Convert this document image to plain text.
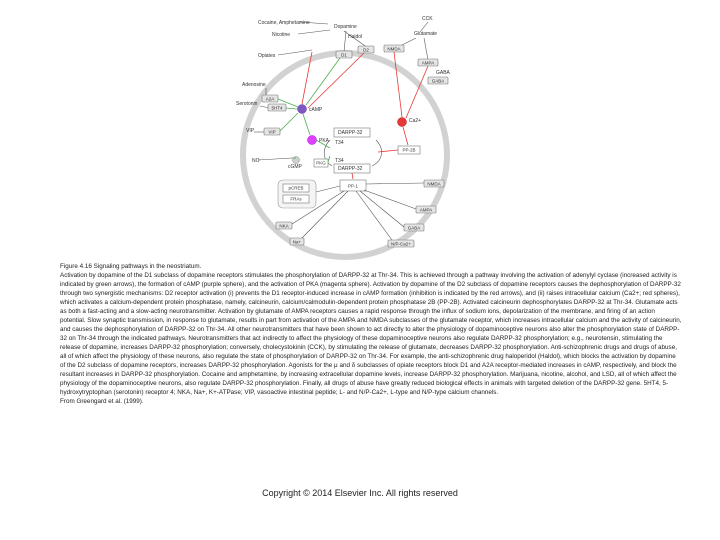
Cocaine, Amphetamine
Nicotine
Dopamine
Haldol
CCK
Glutamate
Opiates
Adenosine
Serotonin
VIP
NO
D1
D2	NMDA
AMPA
GABA
GABA
A2A
5HT4
VIP
cAMP
PKA
Ca2+
DARPP-32
T34
PP-2B
T34
DARPP-32
cGMP
PKG
PP-1
pCREB
FRAs
NMDA
AMPA
GABA
N/P-Ca2+
NKA
Na+
Figure 4.16 Signaling pathways in the neostriatum.
Activation by dopamine of the D1 subclass of dopamine receptors stimulates the phosphorylation of DARPP-32 at Thr-34. This is achieved through a pathway involving the activation of adenylyl cyclase (increased activity is indicated by green arrows), the formation of cAMP (purple sphere), and the activation of PKA (magenta sphere). Activation by dopamine of the D2 subclass of dopamine receptors causes the dephosphorylation of DARPP-32 through two synergistic mechanisms: D2 receptor activation (i) prevents the D1 receptor-induced increase in cAMP formation (inhibition is indicated by the red arrows), and (ii) raises intracellular calcium (Ca2+; red spheres), which activates a calcium-dependent protein phosphatase, namely, calcineurin, calcium/calmodulin-dependent protein phosphatase 2B (PP-2B). Activated calcineurin dephosphorylates DARPP-32 at Thr-34. Glutamate acts as both a fast-acting and a slow-acting neurotransmitter. Activation by glutamate of AMPA receptors causes a rapid response through the influx of sodium ions, depolarization of the membrane, and firing of an action potential. Slow synaptic transmission, in response to glutamate, results in part from activation of the AMPA and NMDA subclasses of the glutamate receptor, which increases intracellular calcium and the activity of calcineurin, and causes the dephosphorylation of DARPP-32 on Thr-34. All other neurotransmitters that have been shown to act directly to alter the physiology of dopaminoceptive neurons also alter the phosphorylation state of DARPP-32 on Thr-34 through the indicated pathways. Neurotransmitters that act indirectly to affect the physiology of these dopaminoceptive neurons also regulate DARPP-32 phosphorylation; e.g., neurotensin, stimulating the release of dopamine, increases DARPP-32 phosphorylation; conversely, cholecystokinin (CCK), by stimulating the release of glutamate, decreases DARPP-32 phosphorylation. Anti-schizophrenic drugs and drugs of abuse, all of which affect the physiology of these neurons, also regulate the state of phosphorylation of DARPP-32 on Thr-34. For example, the anti-schizophrenic drug haloperidol (Haldol), which blocks the activation by dopamine of the D2 subclass of dopamine receptors, increases DARPP-32 phosphorylation. Agonists for the μ and δ subclasses of opiate receptors block D1 and A2A receptor-mediated increases in cAMP, respectively, and block the resultant increases in DARPP-32 phosphorylation. Cocaine and amphetamine, by increasing extracellular dopamine levels, increase DARPP-32 phosphorylation. Marijuana, nicotine, alcohol, and LSD, all of which affect the physiology of the dopaminoceptive neurons, also regulate DARPP-32 phosphorylation. Finally, all drugs of abuse have greatly reduced biological effects in animals with targeted deletion of the DARPP-32 gene. 5HT4, 5-hydroxytryptophan (serotonin) receptor 4; NKA, Na+, K+-ATPase; VIP, vasoactive intestinal peptide; L- and N/P-Ca2+, L-type and N/P-type calcium channels.
From Greengard et al. (1999).
Copyright © 2014 Elsevier Inc. All rights reserved
